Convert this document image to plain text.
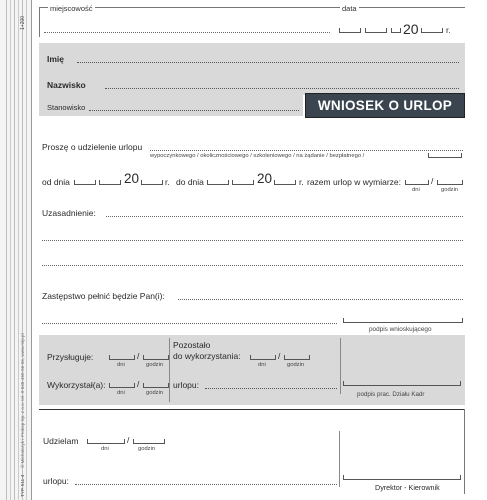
1+200
© Michalczyk i Prokop Sp. z o.o. tel. 0-848-465-56-56, www.mip.pl
TYP. 511-4
miejscowość	data
20	r.
Imię
Nazwisko
Stanowisko	WNIOSEK O URLOP
Proszę o udzielenie urlopu
wypoczynkowego / okolicznościowego / szkoleniowego / na żądanie / bezpłatnego /
od dnia	20	r. do dnia	20	r. razem urlop w wymiarze:	/
dni	godzin
Uzasadnienie:
Zastępstwo pełnić będzie Pan(i):
podpis wnioskującego
Przysługuje:	/
dni	godzin
Wykorzystał(a):	/
dni	godzin
Pozostało
do wykorzystania:	/
dni	godzin
urlopu:
podpis prac. Działu Kadr
Udzielam	/
dni	godzin
urlopu:
Dyrektor - Kierownik
